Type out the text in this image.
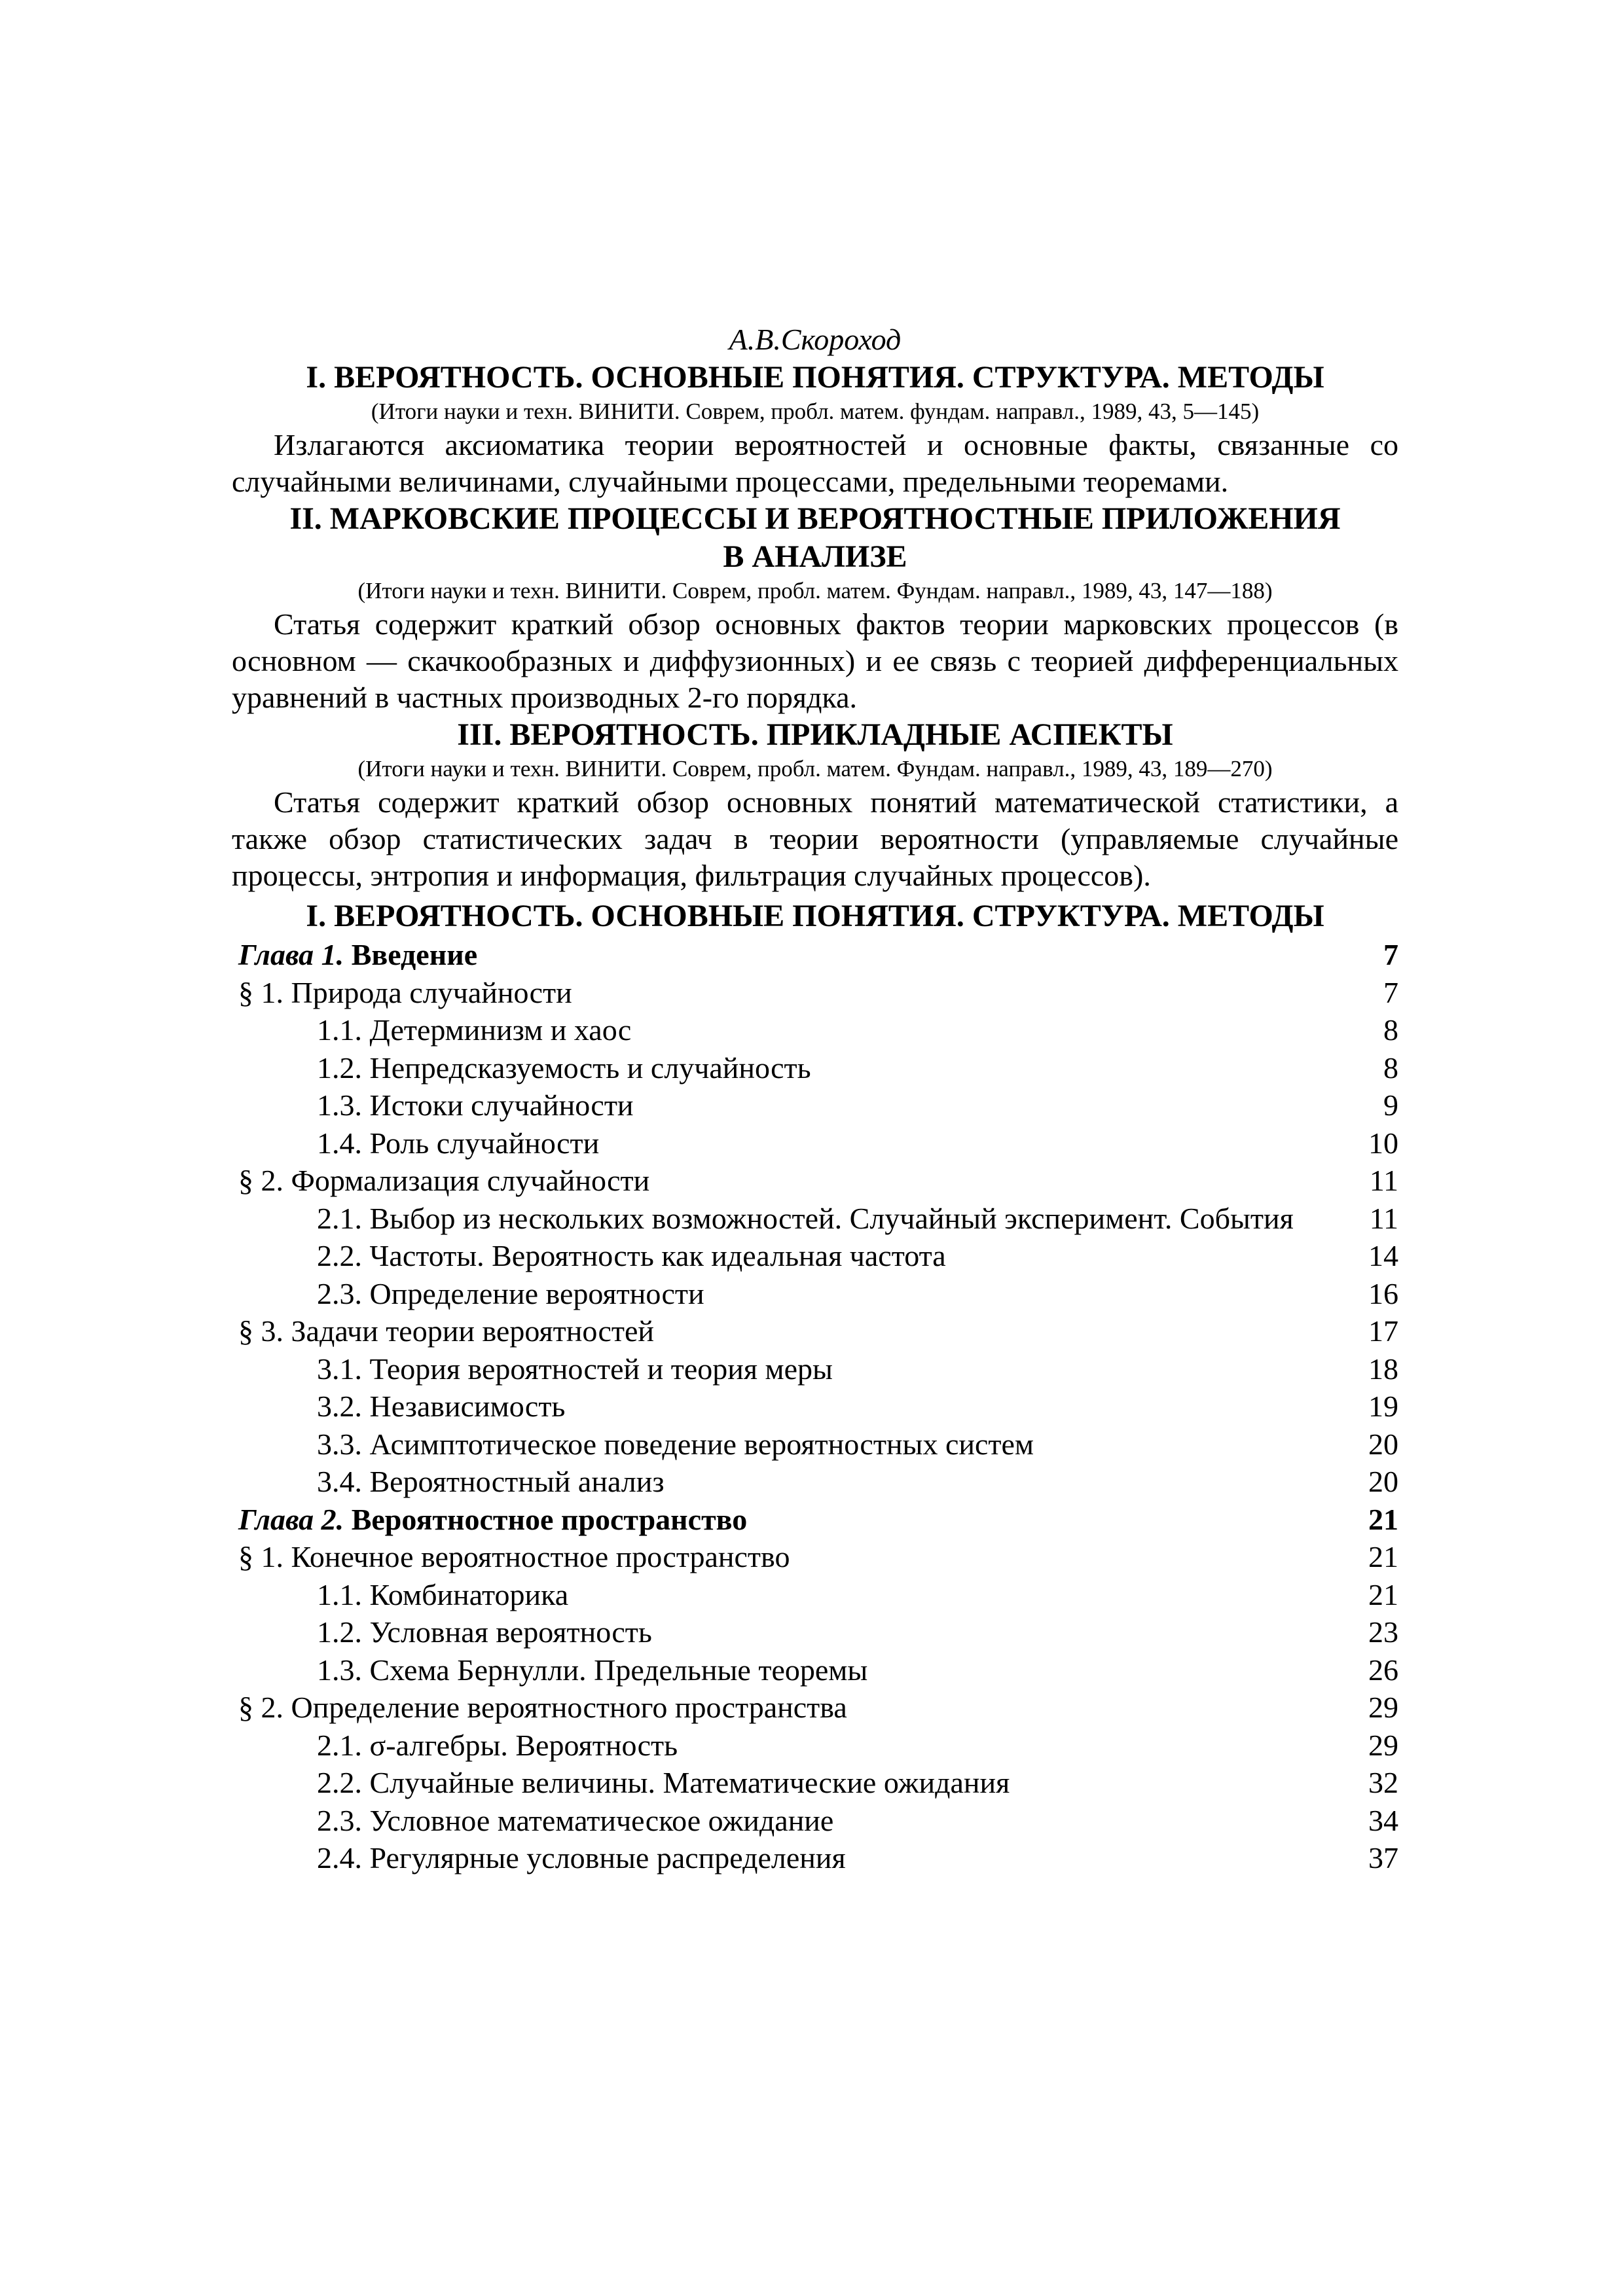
А.В.Скороход
I. ВЕРОЯТНОСТЬ. ОСНОВНЫЕ ПОНЯТИЯ. СТРУКТУРА. МЕТОДЫ
(Итоги науки и техн. ВИНИТИ. Соврем, пробл. матем. фундам. направл., 1989, 43, 5—145)

Излагаются аксиоматика теории вероятностей и основные факты, связанные со случайными величинами, случайными процессами, предельными теоремами.

II. МАРКОВСКИЕ ПРОЦЕССЫ И ВЕРОЯТНОСТНЫЕ ПРИЛОЖЕНИЯ
В АНАЛИЗЕ
(Итоги науки и техн. ВИНИТИ. Соврем, пробл. матем. Фундам. направл., 1989, 43, 147—188)

Статья содержит краткий обзор основных фактов теории марковских процессов (в основном — скачкообразных и диффузионных) и ее связь с теорией дифференциальных уравнений в частных производных 2-го порядка.

III. ВЕРОЯТНОСТЬ. ПРИКЛАДНЫЕ АСПЕКТЫ
(Итоги науки и техн. ВИНИТИ. Соврем, пробл. матем. Фундам. направл., 1989, 43, 189—270)

Статья содержит краткий обзор основных понятий математической статистики, а также обзор статистических задач в теории вероятности (управляемые случайные процессы, энтропия и информация, фильтрация случайных процессов).

I. ВЕРОЯТНОСТЬ. ОСНОВНЫЕ ПОНЯТИЯ. СТРУКТУРА. МЕТОДЫ
Глава 1. Введение	7
§ 1. Природа случайности	7
1.1. Детерминизм и хаос	8
1.2. Непредсказуемость и случайность	8
1.3. Истоки случайности	9
1.4. Роль случайности	10
§ 2. Формализация случайности	11
2.1. Выбор из нескольких возможностей. Случайный эксперимент. События	11
2.2. Частоты. Вероятность как идеальная частота	14
2.3. Определение вероятности	16
§ 3. Задачи теории вероятностей	17
3.1. Теория вероятностей и теория меры	18
3.2. Независимость	19
3.3. Асимптотическое поведение вероятностных систем	20
3.4. Вероятностный анализ	20
Глава 2. Вероятностное пространство	21
§ 1. Конечное вероятностное пространство	21
1.1. Комбинаторика	21
1.2. Условная вероятность	23
1.3. Схема Бернулли. Предельные теоремы	26
§ 2. Определение вероятностного пространства	29
2.1. σ-алгебры. Вероятность	29
2.2. Случайные величины. Математические ожидания	32
2.3. Условное математическое ожидание	34
2.4. Регулярные условные распределения	37
